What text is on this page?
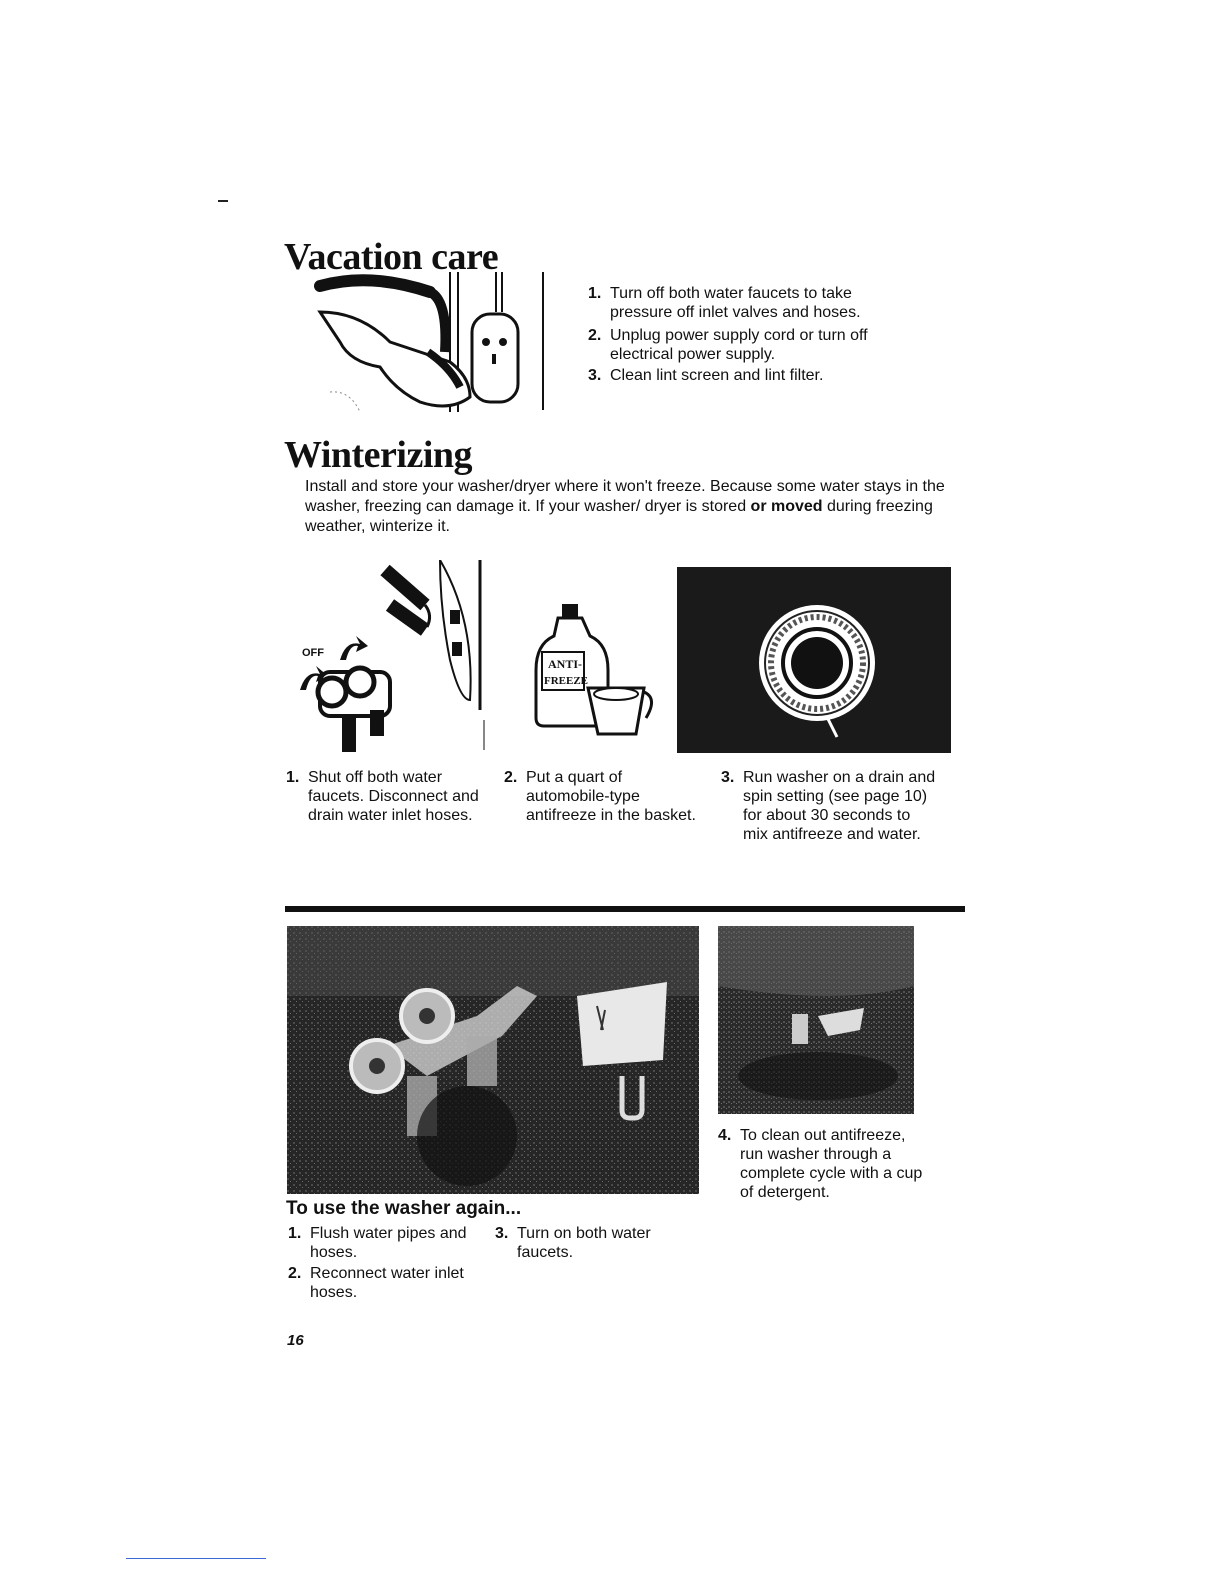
Vacation care
1. Turn off both water faucets to take pressure off inlet valves and hoses.
2. Unplug power supply cord or turn off electrical power supply.
3. Clean lint screen and lint filter.
Winterizing
Install and store your washer/dryer where it won't freeze. Because some water stays in the washer, freezing can damage it. If your washer/ dryer is stored or moved during freezing weather, winterize it.
OFF
ANTI-
FREEZE
1. Shut off both water faucets. Disconnect and drain water inlet hoses.
2. Put a quart of automobile-type antifreeze in the basket.
3. Run washer on a drain and spin setting (see page 10) for about 30 seconds to mix antifreeze and water.
4. To clean out antifreeze, run washer through a complete cycle with a cup of detergent.
To use the washer again...
1. Flush water pipes and hoses.
2. Reconnect water inlet hoses.
3. Turn on both water faucets.
16
